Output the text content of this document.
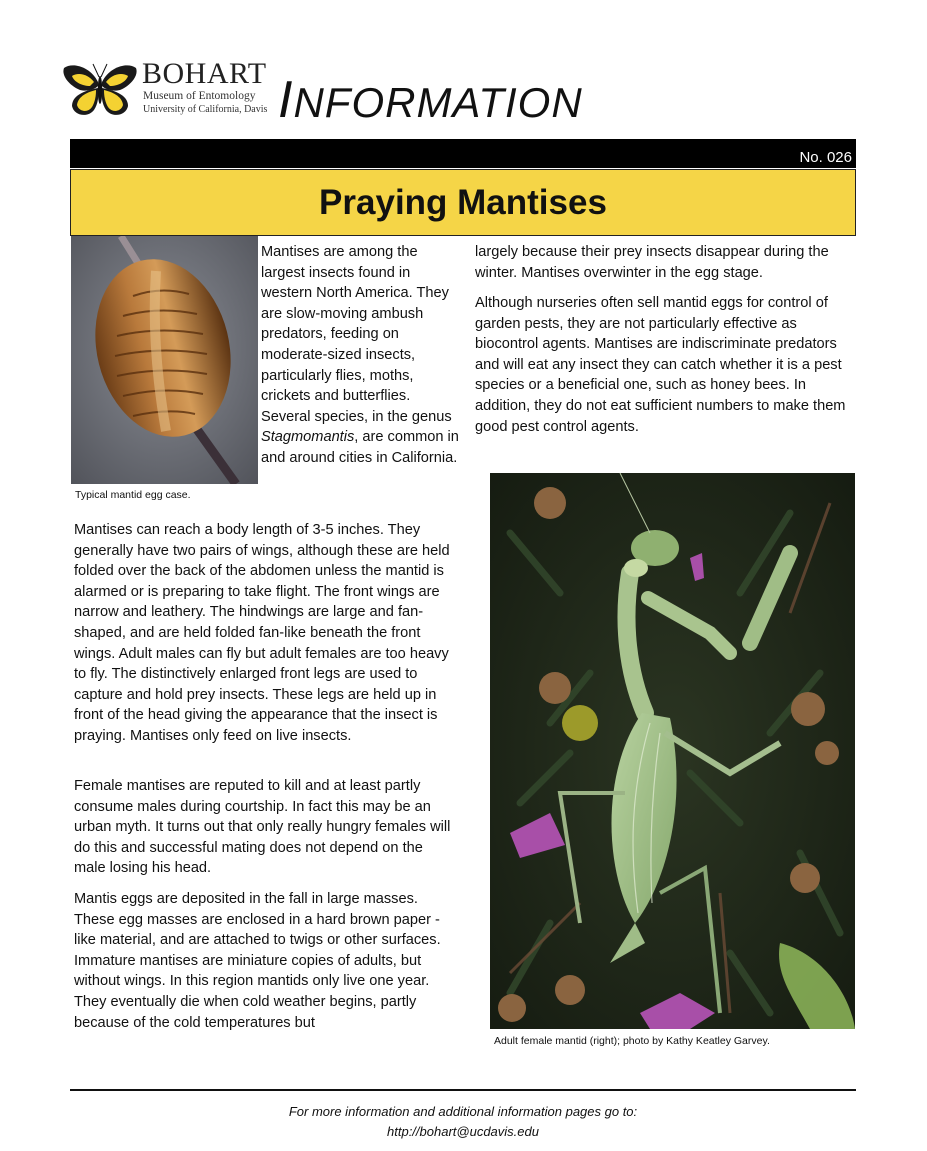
BOHART
Museum of Entomology
University of California, Davis INFORMATION
No. 026
Praying Mantises
Typical mantid egg case.

Mantises are among the largest insects found in western North America. They are slow-moving ambush predators, feeding on moderate-sized insects, particularly flies, moths, crickets and butterflies. Several species, in the genus Stagmomantis, are common in and around cities in California.

Mantises can reach a body length of 3-5 inches. They generally have two pairs of wings, although these are held folded over the back of the abdomen unless the mantid is alarmed or is preparing to take flight. The front wings are narrow and leathery. The hindwings are large and fan-shaped, and are held folded fan-like beneath the front wings. Adult males can fly but adult females are too heavy to fly. The distinctively enlarged front legs are used to capture and hold prey insects. These legs are held up in front of the head giving the appearance that the insect is praying. Mantises only feed on live insects.

Female mantises are reputed to kill and at least partly consume males during courtship. In fact this may be an urban myth. It turns out that only really hungry females will do this and successful mating does not depend on the male losing his head.

Mantis eggs are deposited in the fall in large masses. These egg masses are enclosed in a hard brown paper -like material, and are attached to twigs or other surfaces. Immature mantises are miniature copies of adults, but without wings. In this region mantids only live one year. They eventually die when cold weather begins, partly because of the cold temperatures but

largely because their prey insects disappear during the winter. Mantises overwinter in the egg stage.

Although nurseries often sell mantid eggs for control of garden pests, they are not particularly effective as biocontrol agents. Mantises are indiscriminate predators and will eat any insect they can catch whether it is a pest species or a beneficial one, such as honey bees. In addition, they do not eat sufficient numbers to make them good pest control agents.

Adult female mantid (right); photo by Kathy Keatley Garvey.
For more information and additional information pages go to:
http://bohart@ucdavis.edu
